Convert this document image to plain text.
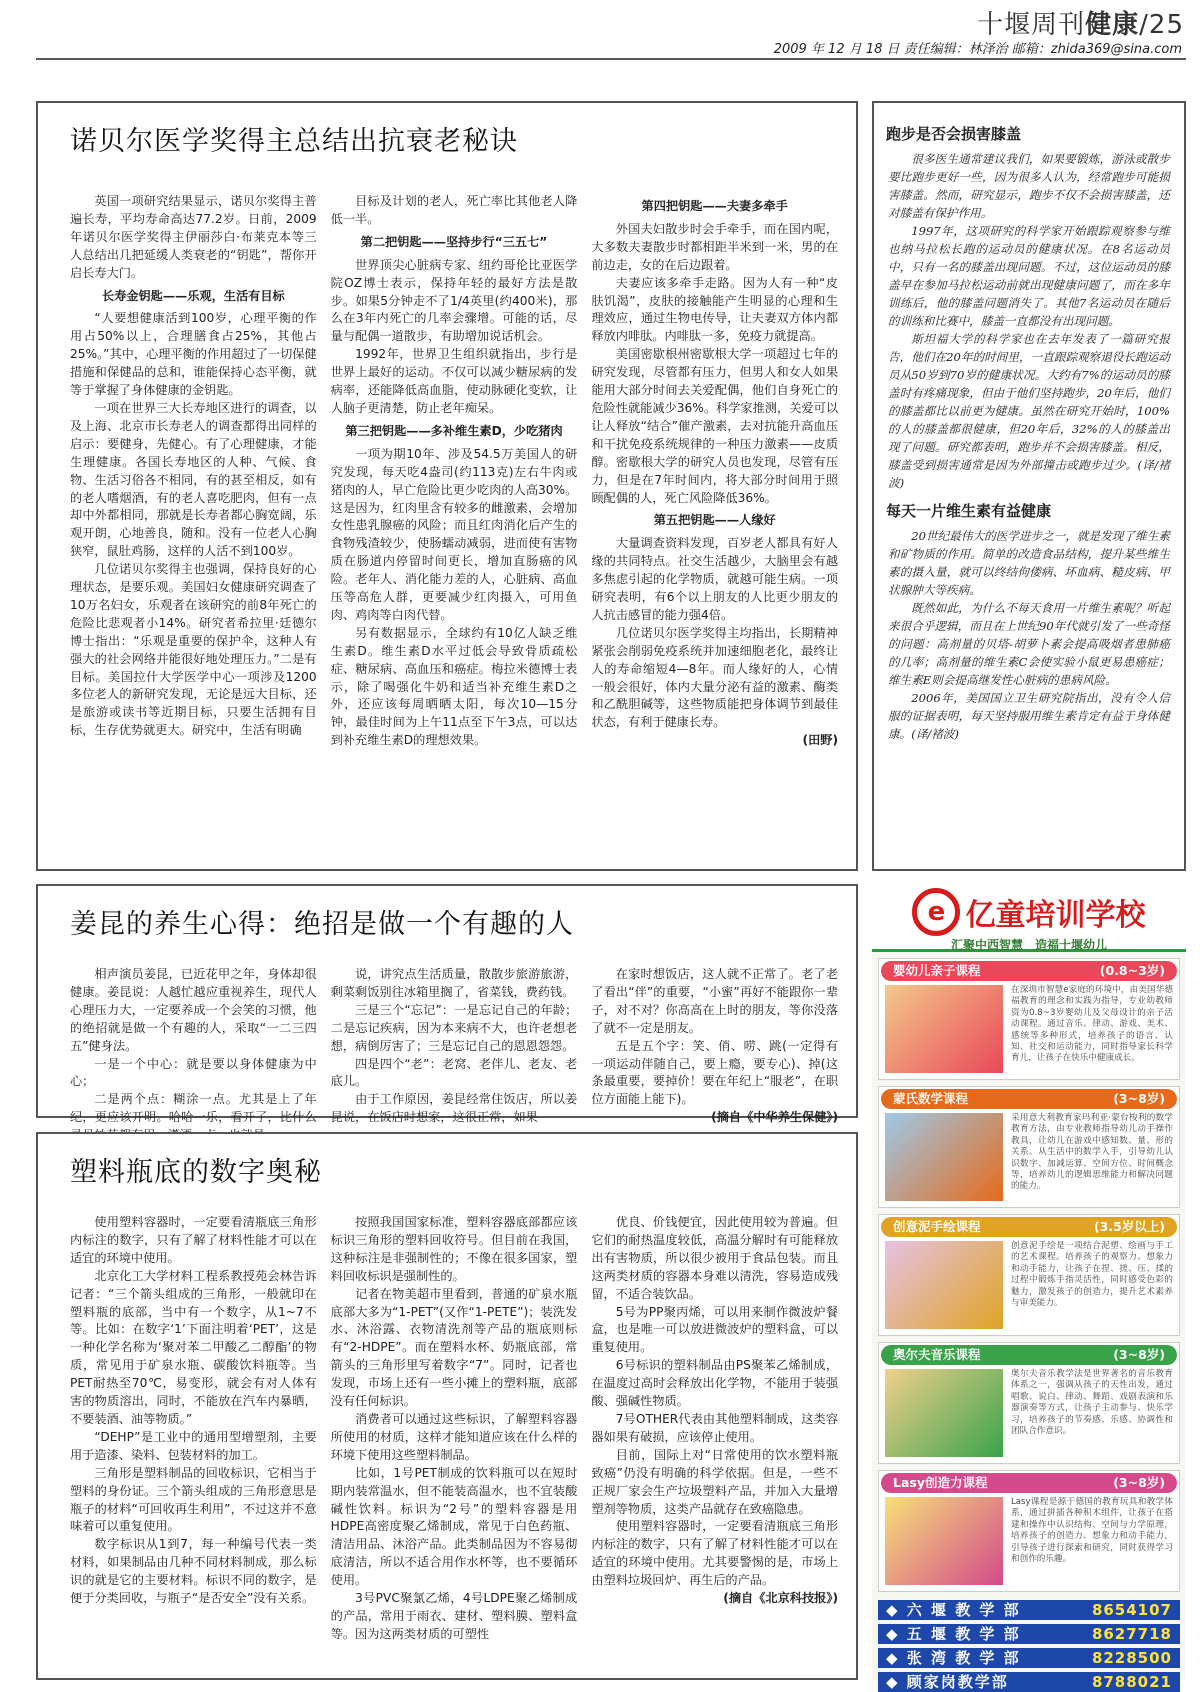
十堰周刊健康/25
2009 年 12 月 18 日 责任编辑：林泽治 邮箱：zhida369@sina.com
诺贝尔医学奖得主总结出抗衰老秘诀

英国一项研究结果显示，诺贝尔奖得主普遍长寿，平均寿命高达77.2岁。日前，2009年诺贝尔医学奖得主伊丽莎白·布莱克本等三人总结出几把延缓人类衰老的“钥匙”，帮你开启长寿大门。

长寿金钥匙——乐观，生活有目标

“人要想健康活到100岁，心理平衡的作用占50%以上，合理膳食占25%，其他占25%。”其中，心理平衡的作用超过了一切保健措施和保健品的总和，谁能保持心态平衡，就等于掌握了身体健康的金钥匙。

一项在世界三大长寿地区进行的调查，以及上海、北京市长寿老人的调查都得出同样的启示：要健身，先健心。有了心理健康，才能生理健康。各国长寿地区的人种、气候、食物、生活习俗各不相同，有的甚至相反，如有的老人嗜烟酒，有的老人喜吃肥肉，但有一点却中外都相同，那就是长寿者都心胸宽阔，乐观开朗，心地善良，随和。没有一位老人心胸狭窄，鼠肚鸡肠，这样的人活不到100岁。

几位诺贝尔奖得主也强调，保持良好的心理状态，是要乐观。美国妇女健康研究调查了10万名妇女，乐观者在该研究的前8年死亡的危险比悲观者小14%。研究者希拉里·廷德尔博士指出：“乐观是重要的保护伞，这种人有强大的社会网络并能很好地处理压力。”二是有目标。美国拉什大学医学中心一项涉及1200多位老人的新研究发现，无论是远大目标，还是旅游或读书等近期目标，只要生活拥有目标，生存优势就更大。研究中，生活有明确

目标及计划的老人，死亡率比其他老人降低一半。

第二把钥匙——坚持步行“三五七”

世界顶尖心脏病专家、纽约哥伦比亚医学院OZ博士表示，保持年轻的最好方法是散步。如果5分钟走不了1/4英里(约400米)，那么在3年内死亡的几率会骤增。可能的话，尽量与配偶一道散步，有助增加说话机会。

1992年，世界卫生组织就指出，步行是世界上最好的运动。不仅可以减少糖尿病的发病率，还能降低高血脂，使动脉硬化变软，让人脑子更清楚，防止老年痴呆。

第三把钥匙——多补维生素D，少吃猪肉

一项为期10年、涉及54.5万美国人的研究发现，每天吃4盎司(约113克)左右牛肉或猪肉的人，早亡危险比更少吃肉的人高30%。这是因为，红肉里含有较多的雌激素，会增加女性患乳腺癌的风险；而且红肉消化后产生的食物残渣较少，使肠蠕动减弱，进而使有害物质在肠道内停留时间更长，增加直肠癌的风险。老年人、消化能力差的人，心脏病、高血压等高危人群，更要减少红肉摄入，可用鱼肉、鸡肉等白肉代替。

另有数据显示，全球约有10亿人缺乏维生素D。维生素D水平过低会导致骨质疏松症、糖尿病、高血压和癌症。梅拉米德博士表示，除了喝强化牛奶和适当补充维生素D之外，还应该每周晒晒太阳，每次10—15分钟，最佳时间为上午11点至下午3点，可以达到补充维生素D的理想效果。

第四把钥匙——夫妻多牵手

外国夫妇散步时会手牵手，而在国内呢，大多数夫妻散步时都相距半米到一米，男的在前边走，女的在后边跟着。

夫妻应该多牵手走路。因为人有一种“皮肤饥渴”，皮肤的接触能产生明显的心理和生理效应，通过生物电传导，让夫妻双方体内都释放内啡肽。内啡肽一多，免疫力就提高。

美国密歇根州密歇根大学一项超过七年的研究发现，尽管都有压力，但男人和女人如果能用大部分时间去关爱配偶，他们自身死亡的危险性就能减少36%。科学家推测，关爱可以让人释放“结合”催产激素，去对抗能升高血压和干扰免疫系统规律的一种压力激素——皮质醇。密歇根大学的研究人员也发现，尽管有压力，但是在7年时间内，将大部分时间用于照顾配偶的人，死亡风险降低36%。

第五把钥匙——人缘好

大量调查资料发现，百岁老人都具有好人缘的共同特点。社交生活越少，大脑里会有越多焦虑引起的化学物质，就越可能生病。一项研究表明，有6个以上朋友的人比更少朋友的人抗击感冒的能力强4倍。

几位诺贝尔医学奖得主均指出，长期精神紧张会削弱免疫系统并加速细胞老化，最终让人的寿命缩短4—8年。而人缘好的人，心情一般会很好，体内大量分泌有益的激素、酶类和乙酰胆碱等，这些物质能把身体调节到最佳状态，有利于健康长寿。

(田野)

姜昆的养生心得：绝招是做一个有趣的人

相声演员姜昆，已近花甲之年，身体却很健康。姜昆说：人越忙越应重视养生，现代人心理压力大，一定要养成一个会笑的习惯，他的绝招就是做一个有趣的人，采取“一二三四五”健身法。

一是一个中心：就是要以身体健康为中心；

二是两个点：糊涂一点。尤其是上了年纪，更应该开明。哈哈一乐，看开了，比什么

说，讲究点生活质量，散散步旅游旅游，剩菜剩饭别往冰箱里搁了，省菜钱，费药钱。

三是三个“忘记”：一是忘记自己的年龄；二是忘记疾病，因为本来病不大，也许老想老想，病倒厉害了；三是忘记自己的恩恩怨怨。

四是四个“老”：老窝、老伴儿、老友、老底儿。

由于工作原因，姜昆经常住饭店，所以姜昆说，在饭店时想家，这很正常，如果

在家时想饭店，这人就不正常了。老了老了看出“伴”的重要，“小蜜”再好不能跟你一辈子，对不对？你高高在上时的朋友，等你没落了就不一定是朋友。

五是五个字：笑、俏、唠、跳(一定得有一项运动伴随自己，要上瘾，要专心)、掉(这条最重要，要掉价！要在年纪上“服老”，在职位方面能上能下)。

(摘自《中华养生保健》)

塑料瓶底的数字奥秘

使用塑料容器时，一定要看清瓶底三角形内标注的数字，只有了解了材料性能才可以在适宜的环境中使用。

北京化工大学材料工程系教授苑会林告诉记者：“三个箭头组成的三角形，一般就印在塑料瓶的底部，当中有一个数字，从1~7不等。比如：在数字‘1’下面注明着‘PET’，这是一种化学名称为‘聚对苯二甲酸乙二醇酯’的物质，常见用于矿泉水瓶、碳酸饮料瓶等。当PET耐热至70℃，易变形，就会有对人体有害的物质溶出，同时，不能放在汽车内暴晒，不要装酒、油等物质。”

“DEHP”是工业中的通用型增塑剂，主要用于造漆、染料、包装材料的加工。

三角形是塑料制品的回收标识，它相当于塑料的身份证。三个箭头组成的三角形意思是瓶子的材料“可回收再生利用”，不过这并不意味着可以重复使用。

数字标识从1到7，每一种编号代表一类材料，如果制品由几种不同材料制成，那么标识的就是它的主要材料。标识不同的数字，是便于分类回收，与瓶子“是否安全”没有关系。

按照我国国家标准，塑料容器底部都应该标识三角形的塑料回收符号。但目前在我国，这种标注是非强制性的；不像在很多国家，塑料回收标识是强制性的。

记者在物美超市里看到，普通的矿泉水瓶底部大多为“1-PET”(又作“1-PETE”)；装洗发水、沐浴露、衣物清洗剂等产品的瓶底则标有“2-HDPE”。而在塑料水杯、奶瓶底部，常箭头的三角形里写着数字“7”。同时，记者也发现，市场上还有一些小摊上的塑料瓶，底部没有任何标识。

消费者可以通过这些标识，了解塑料容器所使用的材质，这样才能知道应该在什么样的环境下使用这些塑料制品。

比如，1号PET制成的饮料瓶可以在短时期内装常温水，但不能装高温水，也不宜装酸碱性饮料。标识为“2号”的塑料容器是用HDPE高密度聚乙烯制成，常见于白色药瓶、清洁用品、沐浴产品。此类制品因为不容易彻底清洁，所以不适合用作水杯等，也不要循环使用。

3号PVC聚氯乙烯，4号LDPE聚乙烯制成的产品，常用于雨衣、建材、塑料膜、塑料盒等。因为这两类材质的可塑性

优良、价钱便宜，因此使用较为普遍。但它们的耐热温度较低，高温分解时有可能释放出有害物质，所以很少被用于食品包装。而且这两类材质的容器本身难以清洗，容易造成残留，不适合装饮品。

5号为PP聚丙烯，可以用来制作微波炉餐盒，也是唯一可以放进微波炉的塑料盒，可以重复使用。

6号标识的塑料制品由PS聚苯乙烯制成，在温度过高时会释放出化学物，不能用于装强酸、强碱性物质。

7号OTHER代表由其他塑料制成，这类容器如果有破损，应该停止使用。

目前，国际上对“日常使用的饮水塑料瓶致癌”仍没有明确的科学依据。但是，一些不正规厂家会生产垃圾塑料产品，并加入大量增塑剂等物质，这类产品就存在致癌隐患。

使用塑料容器时，一定要看清瓶底三角形内标注的数字，只有了解了材料性能才可以在适宜的环境中使用。尤其要警惕的是，市场上由塑料垃圾回炉、再生后的产品。

(摘自《北京科技报》)

跑步是否会损害膝盖

很多医生通常建议我们，如果要锻炼，游泳或散步要比跑步更好一些，因为很多人认为，经常跑步可能损害膝盖。然而，研究显示，跑步不仅不会损害膝盖，还对膝盖有保护作用。

1997年，这项研究的科学家开始跟踪观察参与维也纳马拉松长跑的运动员的健康状况。在8名运动员中，只有一名的膝盖出现问题。不过，这位运动员的膝盖早在参加马拉松运动前就出现健康问题了，而在多年训练后，他的膝盖问题消失了。其他7名运动员在随后的训练和比赛中，膝盖一直都没有出现问题。

斯坦福大学的科学家也在去年发表了一篇研究报告，他们在20年的时间里，一直跟踪观察退役长跑运动员从50岁到70岁的健康状况。大约有7%的运动员的膝盖时有疼痛现象，但由于他们坚持跑步，20年后，他们的膝盖都比以前更为健康。虽然在研究开始时，100%的人的膝盖都很健康，但20年后，32%的人的膝盖出现了问题。研究都表明，跑步并不会损害膝盖。相反，膝盖受到损害通常是因为外部撞击或跑步过少。(译/褚波)

每天一片维生素有益健康

20世纪最伟大的医学进步之一，就是发现了维生素和矿物质的作用。简单的改造食品结构，提升某些维生素的摄入量，就可以终结佝偻病、坏血病、糙皮病、甲状腺肿大等疾病。

既然如此，为什么不每天食用一片维生素呢？听起来很合乎逻辑，而且在上世纪90年代就引发了一些奇怪的问题：高剂量的贝塔-胡萝卜素会提高吸烟者患肺癌的几率；高剂量的维生素C会使实验小鼠更易患癌症；维生素E则会提高继发性心脏病的患病风险。

2006年，美国国立卫生研究院指出，没有令人信服的证据表明，每天坚持服用维生素肯定有益于身体健康。(译/褚波)

e 亿童培训学校
汇聚中西智慧　造福十堰幼儿
婴幼儿亲子课程	(0.8~3岁)
在深圳市智慧e家庭的环境中，由美国华德福教育的理念和实践为指导，专业幼教师资为0.8~3岁婴幼儿及父母设计的亲子活动课程。通过音乐、律动、游戏、美术、感统等多种形式，培养孩子的语言、认知、社交和运动能力，同时指导家长科学育儿，让孩子在快乐中健康成长。
蒙氏数学课程	(3~8岁)
采用意大利教育家玛利亚·蒙台梭利的数学教育方法，由专业教师指导幼儿动手操作教具，让幼儿在游戏中感知数、量、形的关系。从生活中的数学入手，引导幼儿认识数字、加减运算、空间方位、时间概念等，培养幼儿的逻辑思维能力和解决问题的能力。
创意泥手绘课程	(3.5岁以上)
创意泥手绘是一项结合泥塑、绘画与手工的艺术课程。培养孩子的观察力、想象力和动手能力，让孩子在捏、搓、压、揉的过程中锻炼手指灵活性，同时感受色彩的魅力，激发孩子的创造力，提升艺术素养与审美能力。
奥尔夫音乐课程	(3~8岁)
奥尔夫音乐教学法是世界著名的音乐教育体系之一，强调从孩子的天性出发，通过唱歌、说白、律动、舞蹈、戏剧表演和乐器演奏等方式，让孩子主动参与、快乐学习，培养孩子的节奏感、乐感、协调性和团队合作意识。
Lasy创造力课程	(3~8岁)
Lasy课程是源于德国的教育玩具和教学体系，通过拼插各种积木组件，让孩子在搭建和操作中认识结构、空间与力学原理，培养孩子的创造力、想象力和动手能力，引导孩子进行探索和研究，同时获得学习和创作的乐趣。
◆ 六 堰 教 学 部	8654107
◆ 五 堰 教 学 部	8627718
◆ 张 湾 教 学 部	8228500
◆ 顾家岗教学部	8788021
